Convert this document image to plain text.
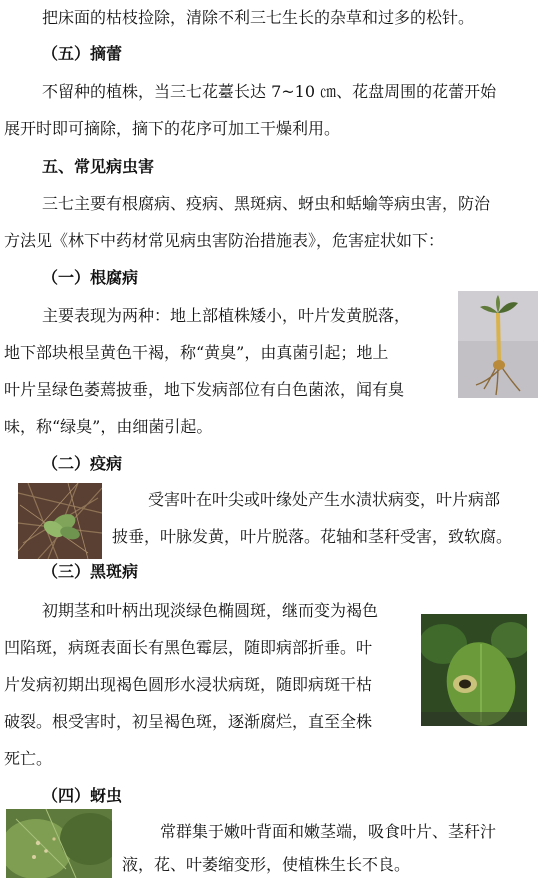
把床面的枯枝捡除，清除不利三七生长的杂草和过多的松针。
（五）摘蕾
不留种的植株，当三七花薹长达 7~10 ㎝、花盘周围的花蕾开始
展开时即可摘除，摘下的花序可加工干燥利用。
五、常见病虫害
三七主要有根腐病、疫病、黑斑病、蚜虫和蛞蝓等病虫害，防治
方法见《林下中药材常见病虫害防治措施表》，危害症状如下：
（一）根腐病
主要表现为两种：地上部植株矮小，叶片发黄脱落，
地下部块根呈黄色干褐，称“黄臭”，由真菌引起；地上
叶片呈绿色萎蔫披垂，地下发病部位有白色菌浓，闻有臭
味，称“绿臭”，由细菌引起。
（二）疫病
受害叶在叶尖或叶缘处产生水渍状病变，叶片病部
披垂，叶脉发黄，叶片脱落。花轴和茎秆受害，致软腐。
（三）黑斑病
初期茎和叶柄出现淡绿色椭圆斑，继而变为褐色
凹陷斑，病斑表面长有黑色霉层，随即病部折垂。叶
片发病初期出现褐色圆形水浸状病斑，随即病斑干枯
破裂。根受害时，初呈褐色斑，逐渐腐烂，直至全株
死亡。
（四）蚜虫
常群集于嫩叶背面和嫩茎端，吸食叶片、茎秆汁
液，花、叶萎缩变形，使植株生长不良。
